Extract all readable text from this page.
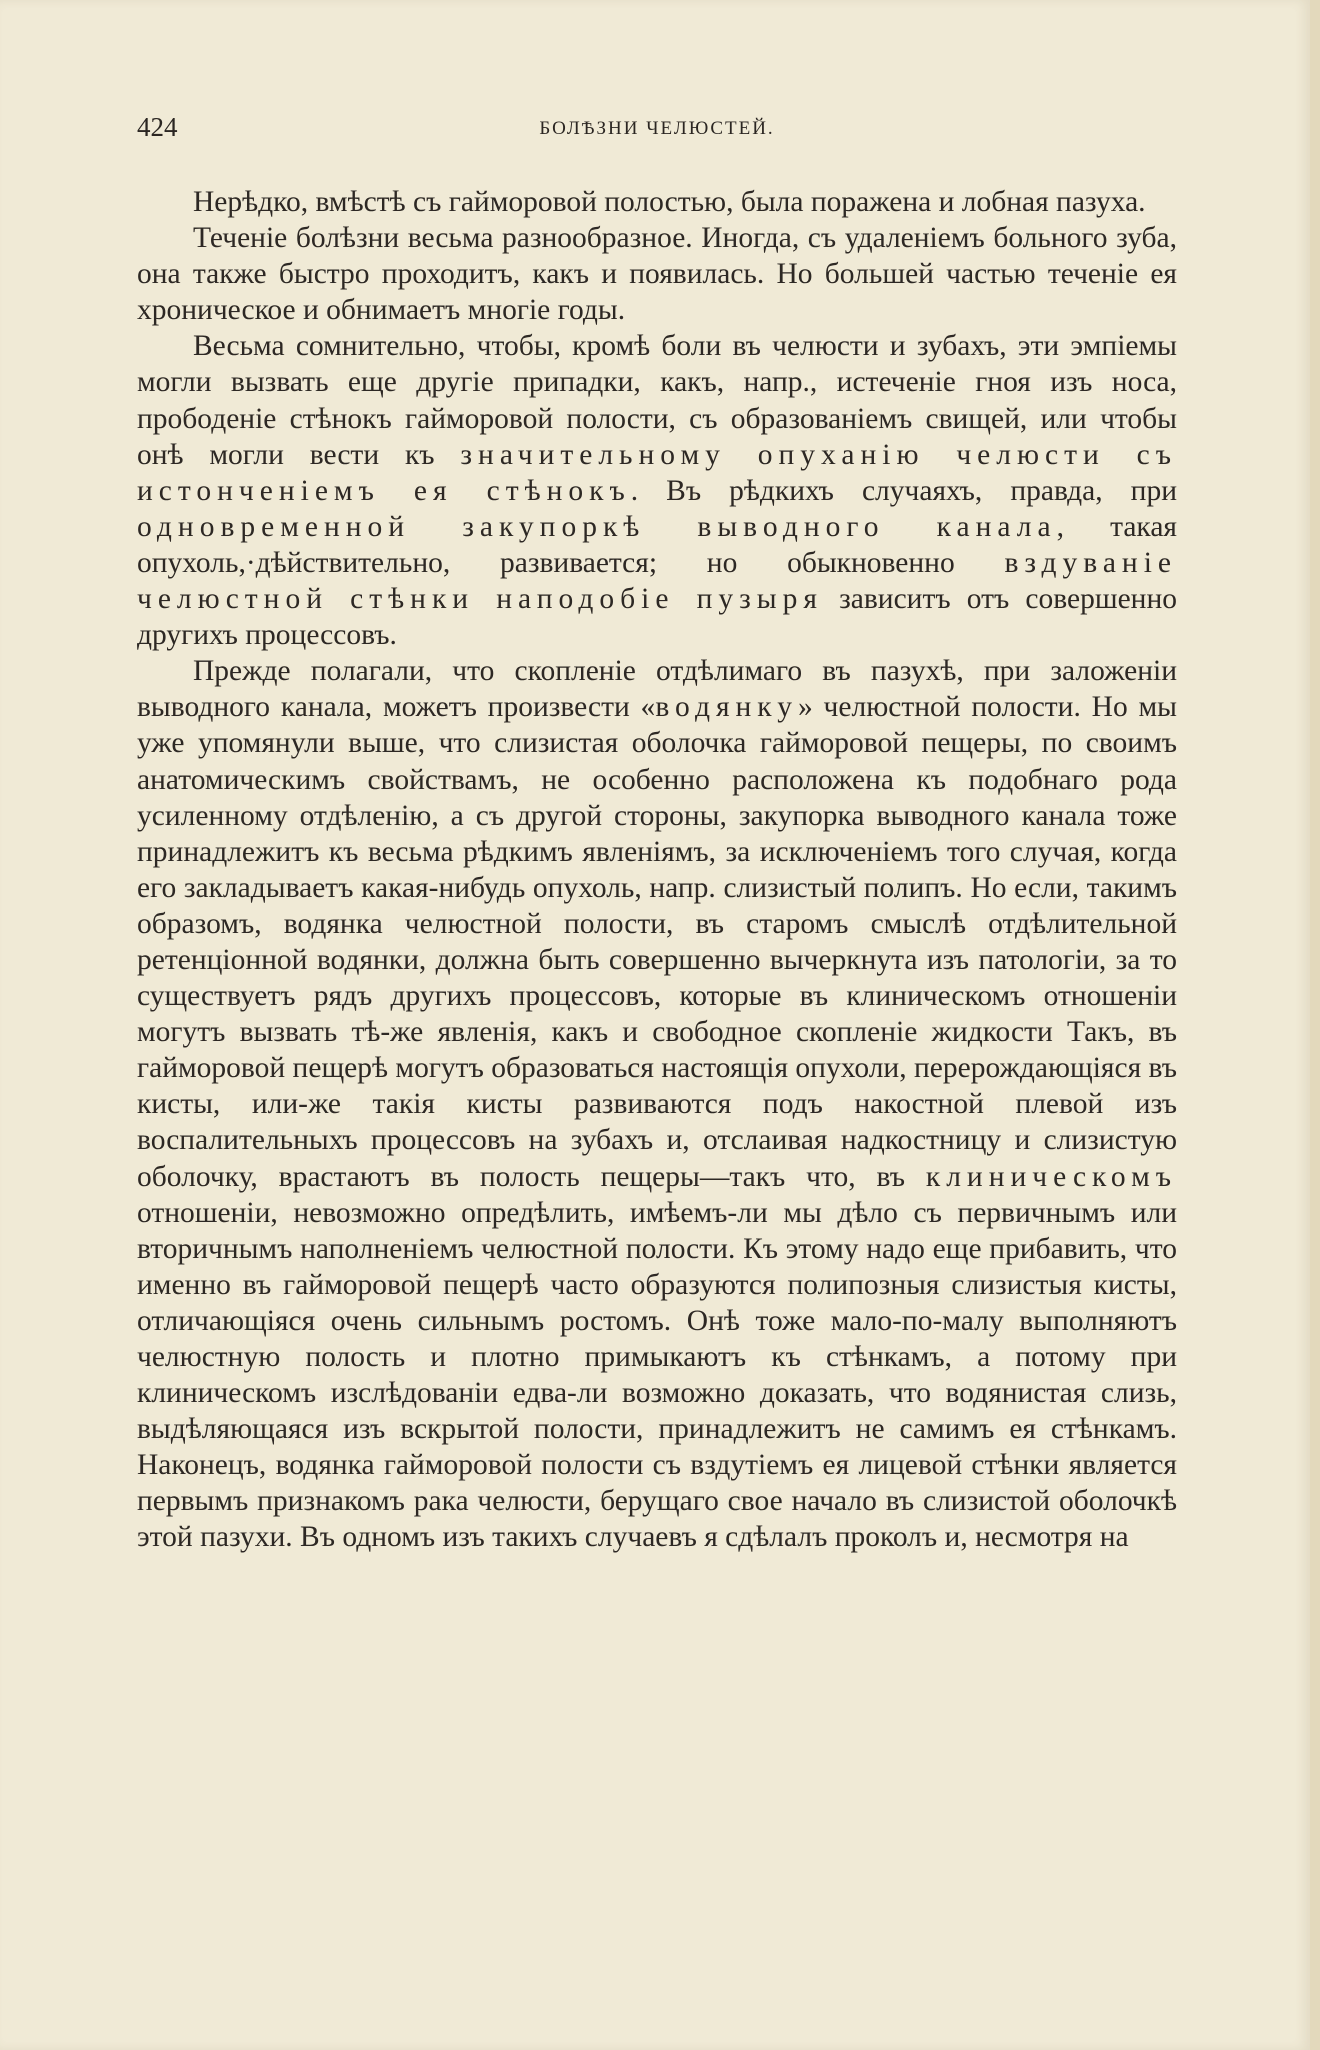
424	БОЛѢЗНИ ЧЕЛЮСТЕЙ.

Нерѣдко, вмѣстѣ съ гайморовой полостью, была поражена и лобная пазуха.

Теченіе болѣзни весьма разнообразное. Иногда, съ удаленіемъ больного зуба, она также быстро проходитъ, какъ и появилась. Но большей частью теченіе ея хроническое и обнимаетъ многіе годы.

Весьма сомнительно, чтобы, кромѣ боли въ челюсти и зубахъ, эти эмпіемы могли вызвать еще другіе припадки, какъ, напр., истеченіе гноя изъ носа, прободеніе стѣнокъ гайморовой полости, съ образованіемъ свищей, или чтобы онѣ могли вести къ значительному опуханію челюсти съ истонченіемъ ея стѣнокъ. Въ рѣдкихъ случаяхъ, правда, при одновременной закупоркѣ выводного канала, такая опухоль,·дѣйствительно, развивается; но обыкновенно вздуваніе челюстной стѣнки наподобіе пузыря зависитъ отъ совершенно другихъ процессовъ.

Прежде полагали, что скопленіе отдѣлимаго въ пазухѣ, при заложеніи выводного канала, можетъ произвести «водянку» челюстной полости. Но мы уже упомянули выше, что слизистая оболочка гайморовой пещеры, по своимъ анатомическимъ свойствамъ, не особенно расположена къ подобнаго рода усиленному отдѣленію, а съ другой стороны, закупорка выводного канала тоже принадлежитъ къ весьма рѣдкимъ явленіямъ, за исключеніемъ того случая, когда его закладываетъ какая-нибудь опухоль, напр. слизистый полипъ. Но если, такимъ образомъ, водянка челюстной полости, въ старомъ смыслѣ отдѣлительной ретенціонной водянки, должна быть совершенно вычеркнута изъ патологіи, за то существуетъ рядъ другихъ процессовъ, которые въ клиническомъ отношеніи могутъ вызвать тѣ-же явленія, какъ и свободное скопленіе жидкости Такъ, въ гайморовой пещерѣ могутъ образоваться настоящія опухоли, перерождающіяся въ кисты, или-же такія кисты развиваются подъ накостной плевой изъ воспалительныхъ процессовъ на зубахъ и, отслаивая надкостницу и слизистую оболочку, врастаютъ въ полость пещеры—такъ что, въ клиническомъ отношеніи, невозможно опредѣлить, имѣемъ-ли мы дѣло съ первичнымъ или вторичнымъ наполненіемъ челюстной полости. Къ этому надо еще прибавить, что именно въ гайморовой пещерѣ часто образуются полипозныя слизистыя кисты, отличающіяся очень сильнымъ ростомъ. Онѣ тоже мало-по-малу выполняютъ челюстную полость и плотно примыкаютъ къ стѣнкамъ, а потому при клиническомъ изслѣдованіи едва-ли возможно доказать, что водянистая слизь, выдѣляющаяся изъ вскрытой полости, принадлежитъ не самимъ ея стѣнкамъ. Наконецъ, водянка гайморовой полости съ вздутіемъ ея лицевой стѣнки является первымъ признакомъ рака челюсти, берущаго свое начало въ слизистой оболочкѣ этой пазухи. Въ одномъ изъ такихъ случаевъ я сдѣлалъ проколъ и, несмотря на
